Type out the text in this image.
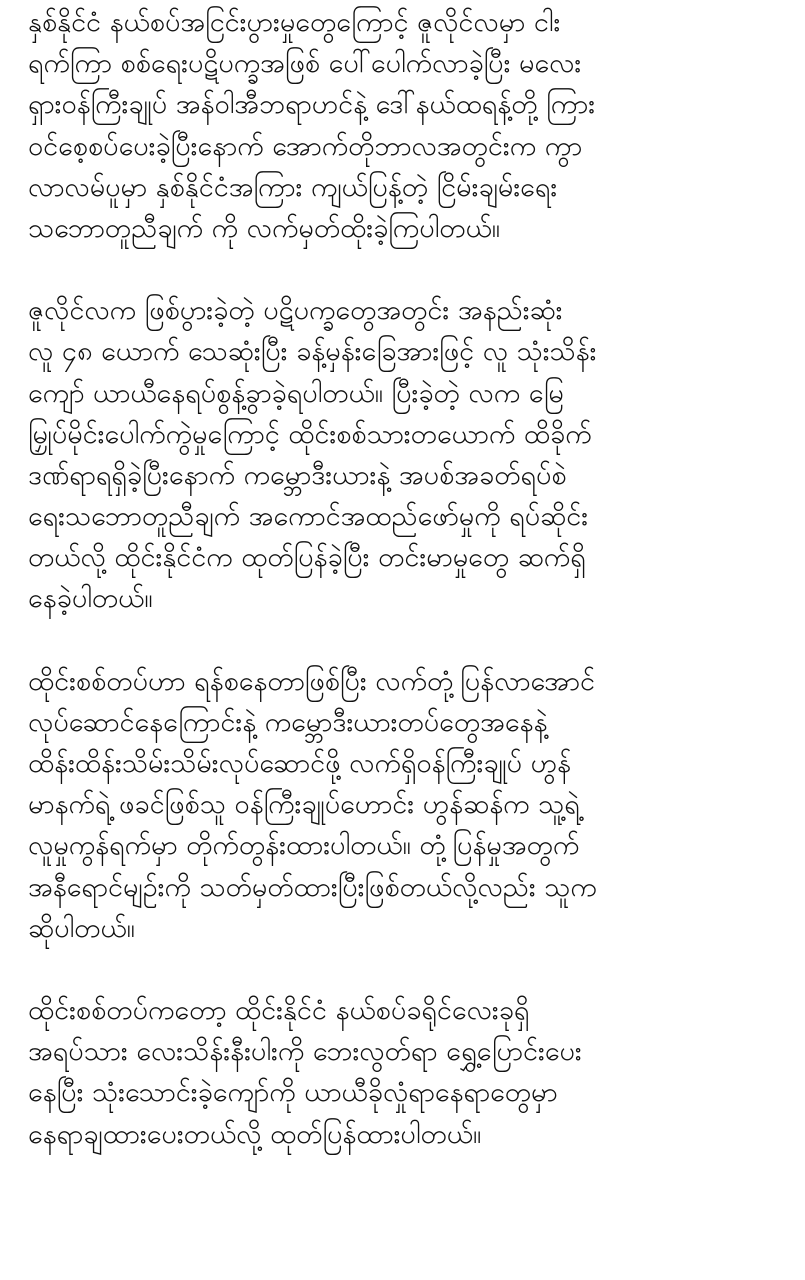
နှစ်နိုင်ငံ နယ်စပ်အငြင်းပွားမှုတွေကြောင့် ဇူလိုင်လမှာ ငါး
ရက်ကြာ စစ်ရေးပဋိပက္ခအဖြစ် ပေါ်ပေါက်လာခဲ့ပြီး မလေး
ရှားဝန်ကြီးချုပ် အန်ဝါအီဘရာဟင်နဲ့ ဒေါ်နယ်ထရန့်တို့ ကြား
ဝင်စေ့စပ်ပေးခဲ့ပြီးနောက် အောက်တိုဘာလအတွင်းက ကွာ
လာလမ်ပူမှာ နှစ်နိုင်ငံအကြား ကျယ်ပြန့်တဲ့ ငြိမ်းချမ်းရေး
သဘောတူညီချက် ကို လက်မှတ်ထိုးခဲ့ကြပါတယ်။
ဇူလိုင်လက ဖြစ်ပွားခဲ့တဲ့ ပဋိပက္ခတွေအတွင်း အနည်းဆုံး
လူ ၄၈ ယောက် သေဆုံးပြီး ခန့်မှန်းခြေအားဖြင့် လူ သုံးသိန်း
ကျော် ယာယီနေရပ်စွန့်ခွာခဲ့ရပါတယ်။ ပြီးခဲ့တဲ့ လက မြေ
မြှုပ်မိုင်းပေါက်ကွဲမှုကြောင့် ထိုင်းစစ်သားတယောက် ထိခိုက်
ဒဏ်ရာရရှိခဲ့ပြီးနောက် ကမ္ဘောဒီးယားနဲ့ အပစ်အခတ်ရပ်စဲ
ရေးသဘောတူညီချက် အကောင်အထည်ဖော်မှုကို ရပ်ဆိုင်း
တယ်လို့ ထိုင်းနိုင်ငံက ထုတ်ပြန်ခဲ့ပြီး တင်းမာမှုတွေ ဆက်ရှိ
နေခဲ့ပါတယ်။
ထိုင်းစစ်တပ်ဟာ ရန်စနေတာဖြစ်ပြီး လက်တုံ့ပြန်လာအောင်
လုပ်ဆောင်နေကြောင်းနဲ့ ကမ္ဘောဒီးယားတပ်တွေအနေနဲ့
ထိန်းထိန်းသိမ်းသိမ်းလုပ်ဆောင်ဖို့ လက်ရှိဝန်ကြီးချုပ် ဟွန်
မာနက်ရဲ့ ဖခင်ဖြစ်သူ ဝန်ကြီးချုပ်ဟောင်း ဟွန်ဆန်က သူ့ရဲ့
လူမှုကွန်ရက်မှာ တိုက်တွန်းထားပါတယ်။ တုံ့ပြန်မှုအတွက်
အနီရောင်မျဉ်းကို သတ်မှတ်ထားပြီးဖြစ်တယ်လို့လည်း သူက
ဆိုပါတယ်။
ထိုင်းစစ်တပ်ကတော့ ထိုင်းနိုင်ငံ နယ်စပ်ခရိုင်လေးခုရှိ
အရပ်သား လေးသိန်းနီးပါးကို ဘေးလွတ်ရာ ရွှေ့ပြောင်းပေး
နေပြီး သုံးသောင်းခဲ့ကျော်ကို ယာယီခိုလှုံရာနေရာတွေမှာ
နေရာချထားပေးတယ်လို့ ထုတ်ပြန်ထားပါတယ်။
